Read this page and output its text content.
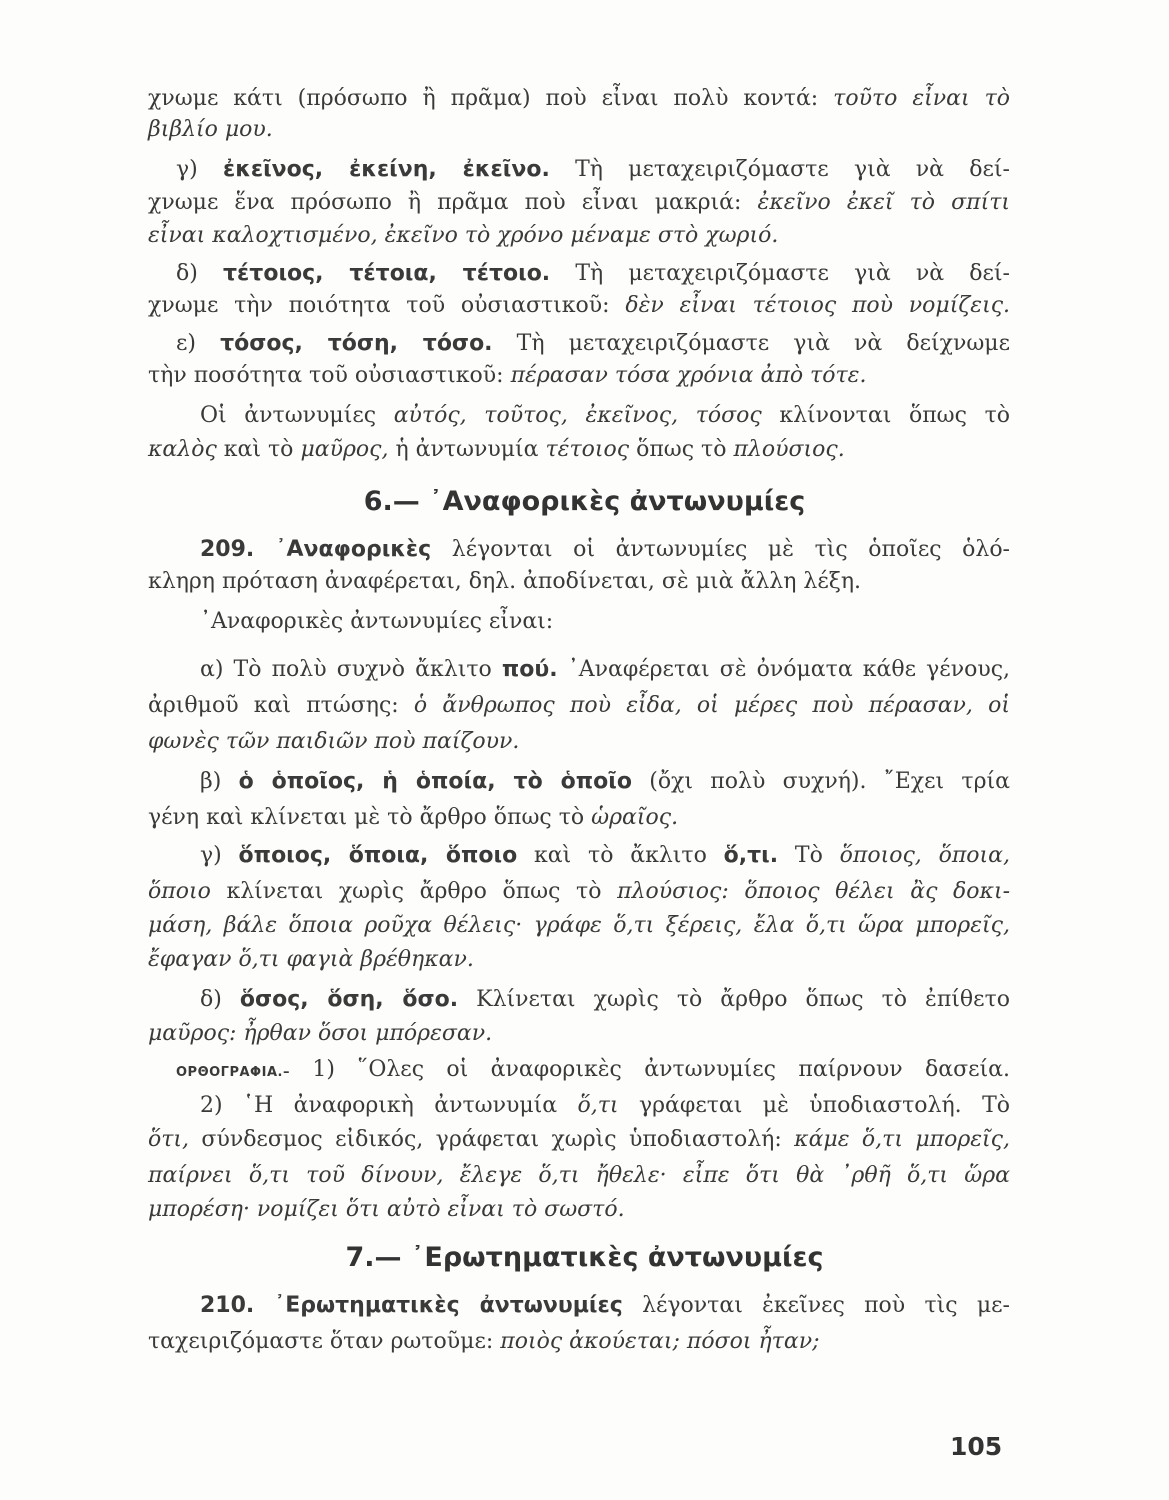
χνωμε κάτι (πρόσωπο ἢ πρᾶμα) ποὺ εἶναι πολὺ κοντά: τοῦτο εἶναι τὸ
βιβλίο μου.
γ) ἐκεῖνος, ἐκείνη, ἐκεῖνο. Τὴ μεταχειριζόμαστε γιὰ νὰ δεί-
χνωμε ἕνα πρόσωπο ἢ πρᾶμα ποὺ εἶναι μακριά: ἐκεῖνο ἐκεῖ τὸ σπίτι
εἶναι καλοχτισμένο, ἐκεῖνο τὸ χρόνο μέναμε στὸ χωριό.
δ) τέτοιος, τέτοια, τέτοιο. Τὴ μεταχειριζόμαστε γιὰ νὰ δεί-
χνωμε τὴν ποιότητα τοῦ οὐσιαστικοῦ: δὲν εἶναι τέτοιος ποὺ νομίζεις.
ε) τόσος, τόση, τόσο. Τὴ μεταχειριζόμαστε γιὰ νὰ δείχνωμε
τὴν ποσότητα τοῦ οὐσιαστικοῦ: πέρασαν τόσα χρόνια ἀπὸ τότε.
Οἱ ἀντωνυμίες αὐτός, τοῦτος, ἐκεῖνος, τόσος κλίνονται ὅπως τὸ
καλὸς καὶ τὸ μαῦρος, ἡ ἀντωνυμία τέτοιος ὅπως τὸ πλούσιος.
6.— ᾿Αναφορικὲς ἀντωνυμίες
209. ᾿Αναφορικὲς λέγονται οἱ ἀντωνυμίες μὲ τὶς ὁποῖες ὁλό-
κληρη πρόταση ἀναφέρεται, δηλ. ἀποδίνεται, σὲ μιὰ ἄλλη λέξη.
᾿Αναφορικὲς ἀντωνυμίες εἶναι:
α) Τὸ πολὺ συχνὸ ἄκλιτο πού. ᾿Αναφέρεται σὲ ὀνόματα κάθε γένους,
ἀριθμοῦ καὶ πτώσης: ὁ ἄνθρωπος ποὺ εἶδα, οἱ μέρες ποὺ πέρασαν, οἱ
φωνὲς τῶν παιδιῶν ποὺ παίζουν.
β) ὁ ὁποῖος, ἡ ὁποία, τὸ ὁποῖο (ὄχι πολὺ συχνή). ῎Εχει τρία
γένη καὶ κλίνεται μὲ τὸ ἄρθρο ὅπως τὸ ὡραῖος.
γ) ὅποιος, ὅποια, ὅποιο καὶ τὸ ἄκλιτο ὅ,τι. Τὸ ὅποιος, ὅποια,
ὅποιο κλίνεται χωρὶς ἄρθρο ὅπως τὸ πλούσιος: ὅποιος θέλει ἂς δοκι-
μάση, βάλε ὅποια ροῦχα θέλεις· γράφε ὅ,τι ξέρεις, ἔλα ὅ,τι ὥρα μπορεῖς,
ἔφαγαν ὅ,τι φαγιὰ βρέθηκαν.
δ) ὅσος, ὅση, ὅσο. Κλίνεται χωρὶς τὸ ἄρθρο ὅπως τὸ ἐπίθετο
μαῦρος: ἦρθαν ὅσοι μπόρεσαν.
ΟΡΘΟΓΡΑΦΙΑ.– 1) ῞Ολες οἱ ἀναφορικὲς ἀντωνυμίες παίρνουν δασεία.
2) ῾Η ἀναφορικὴ ἀντωνυμία ὅ,τι γράφεται μὲ ὑποδιαστολή. Τὸ
ὅτι, σύνδεσμος εἰδικός, γράφεται χωρὶς ὑποδιαστολή: κάμε ὅ,τι μπορεῖς,
παίρνει ὅ,τι τοῦ δίνουν, ἔλεγε ὅ,τι ἤθελε· εἶπε ὅτι θὰ ᾿ρθῆ ὅ,τι ὥρα
μπορέση· νομίζει ὅτι αὐτὸ εἶναι τὸ σωστό.
7.— ᾿Ερωτηματικὲς ἀντωνυμίες
210. ᾿Ερωτηματικὲς ἀντωνυμίες λέγονται ἐκεῖνες ποὺ τὶς με-
ταχειριζόμαστε ὅταν ρωτοῦμε: ποιὸς ἀκούεται; πόσοι ἦταν;
105
